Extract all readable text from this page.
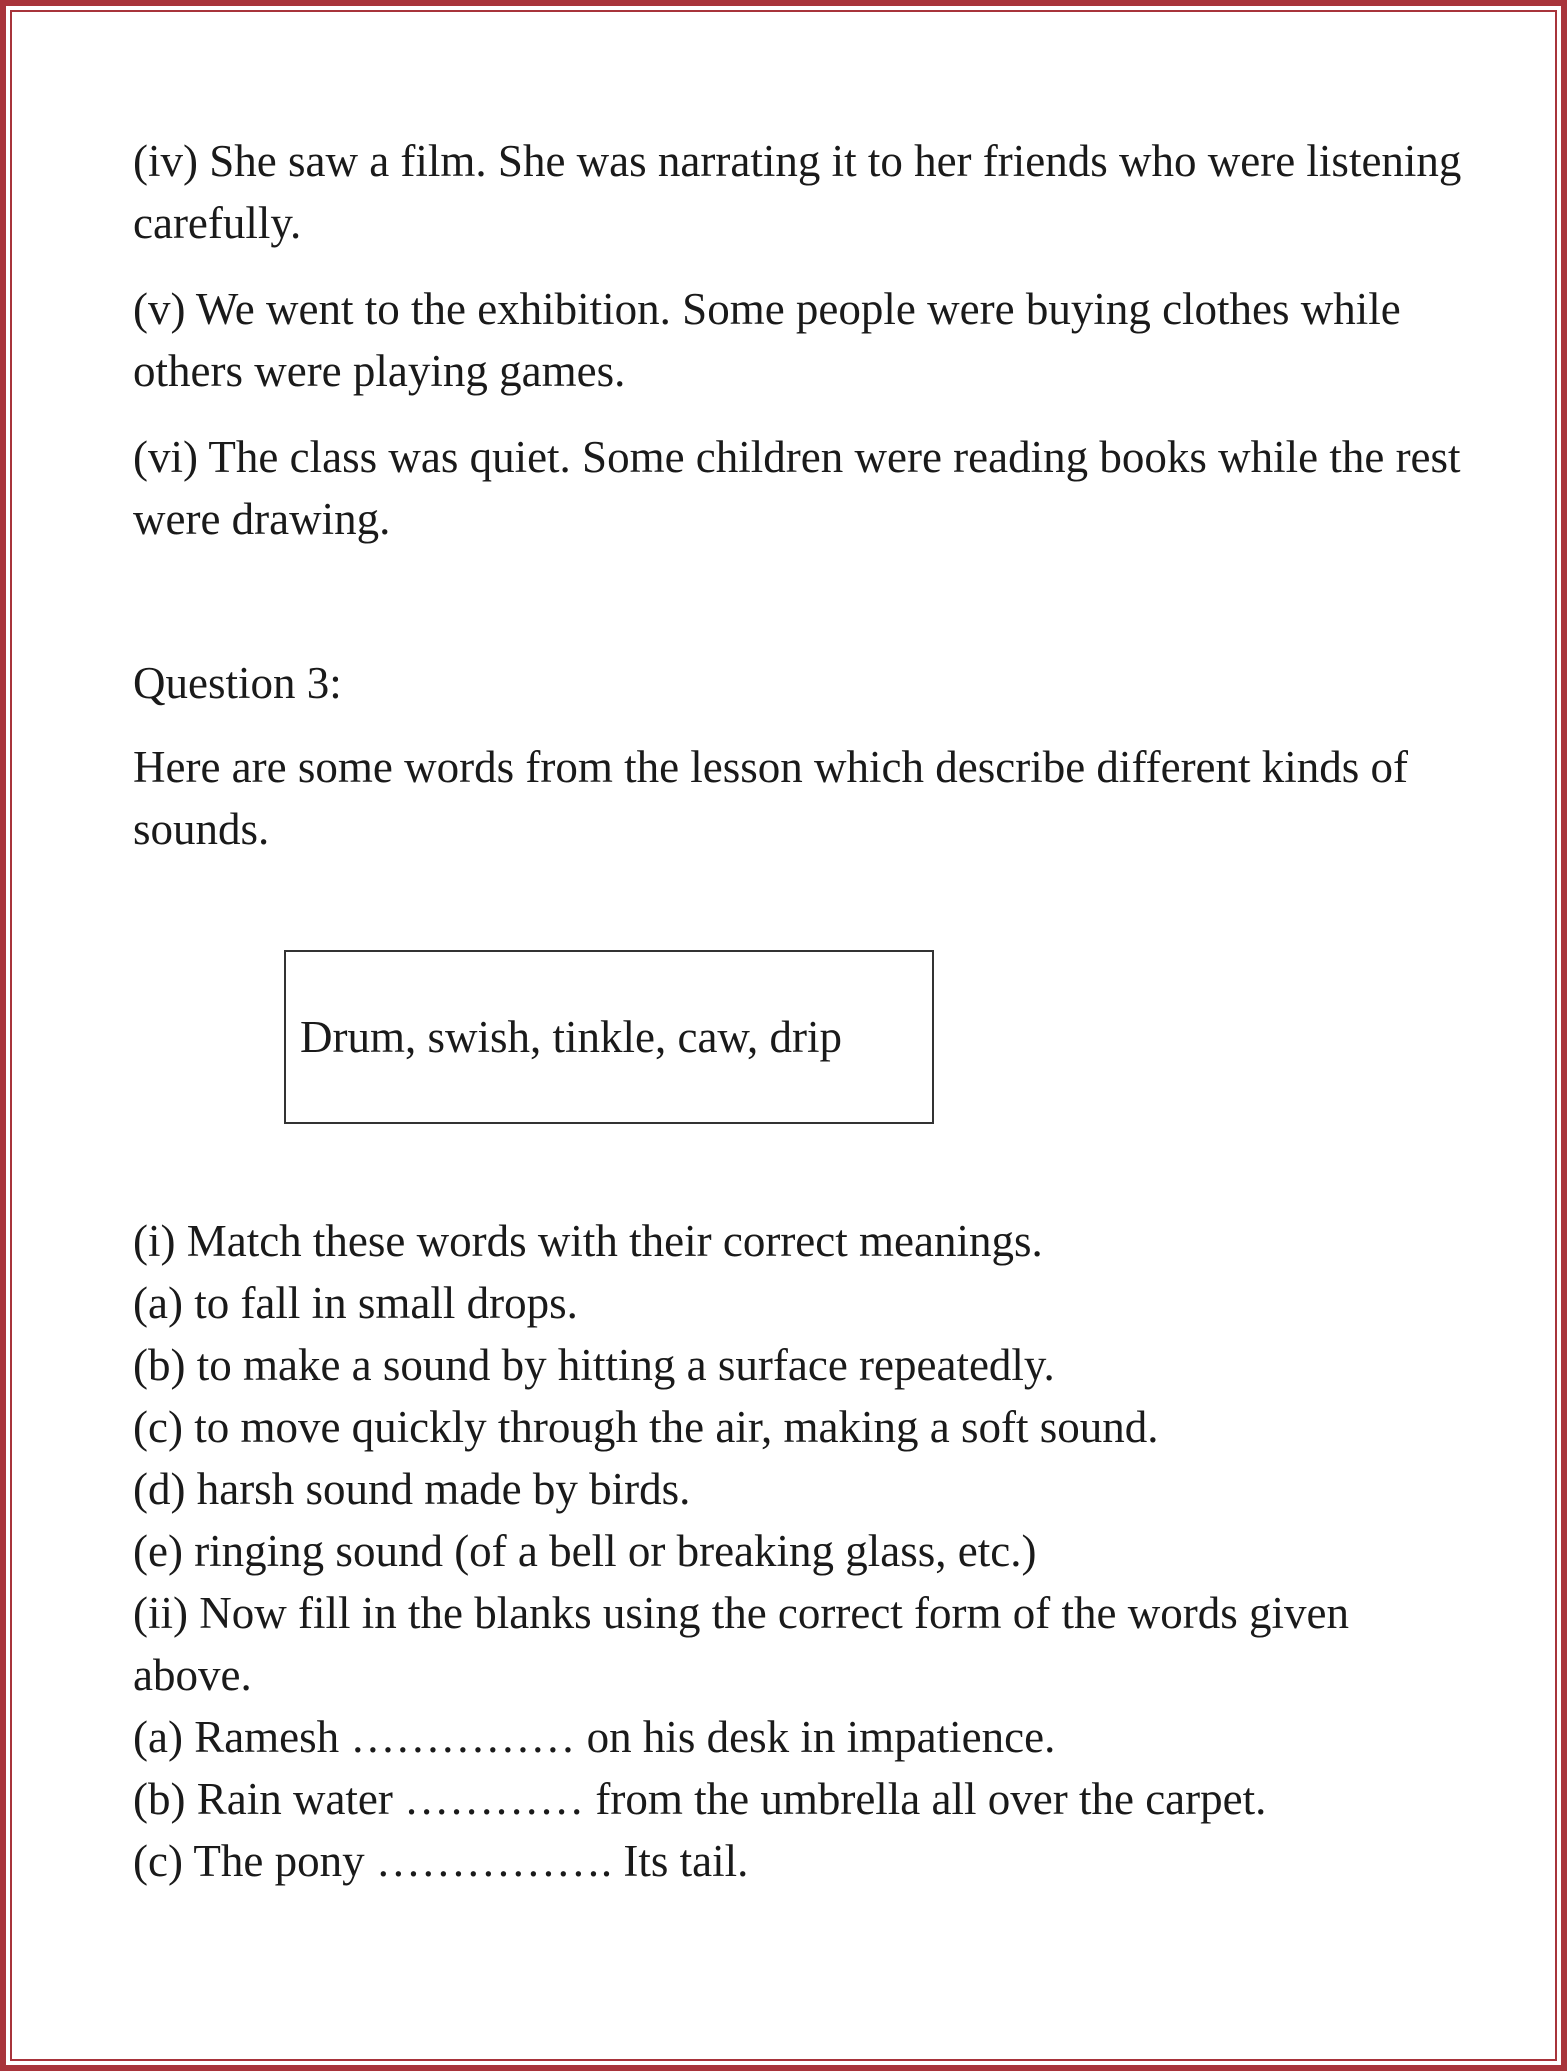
(iv) She saw a film. She was narrating it to her friends who were listening carefully.

(v) We went to the exhibition. Some people were buying clothes while others were playing games.

(vi) The class was quiet. Some children were reading books while the rest were drawing.

Question 3:

Here are some words from the lesson which describe different kinds of sounds.

Drum, swish, tinkle, caw, drip

(i) Match these words with their correct meanings.

(a) to fall in small drops.

(b) to make a sound by hitting a surface repeatedly.

(c) to move quickly through the air, making a soft sound.

(d) harsh sound made by birds.

(e) ringing sound (of a bell or breaking glass, etc.)

(ii) Now fill in the blanks using the correct form of the words given above.

(a) Ramesh …………… on his desk in impatience.

(b) Rain water ………… from the umbrella all over the carpet.

(c) The pony ……………. Its tail.
